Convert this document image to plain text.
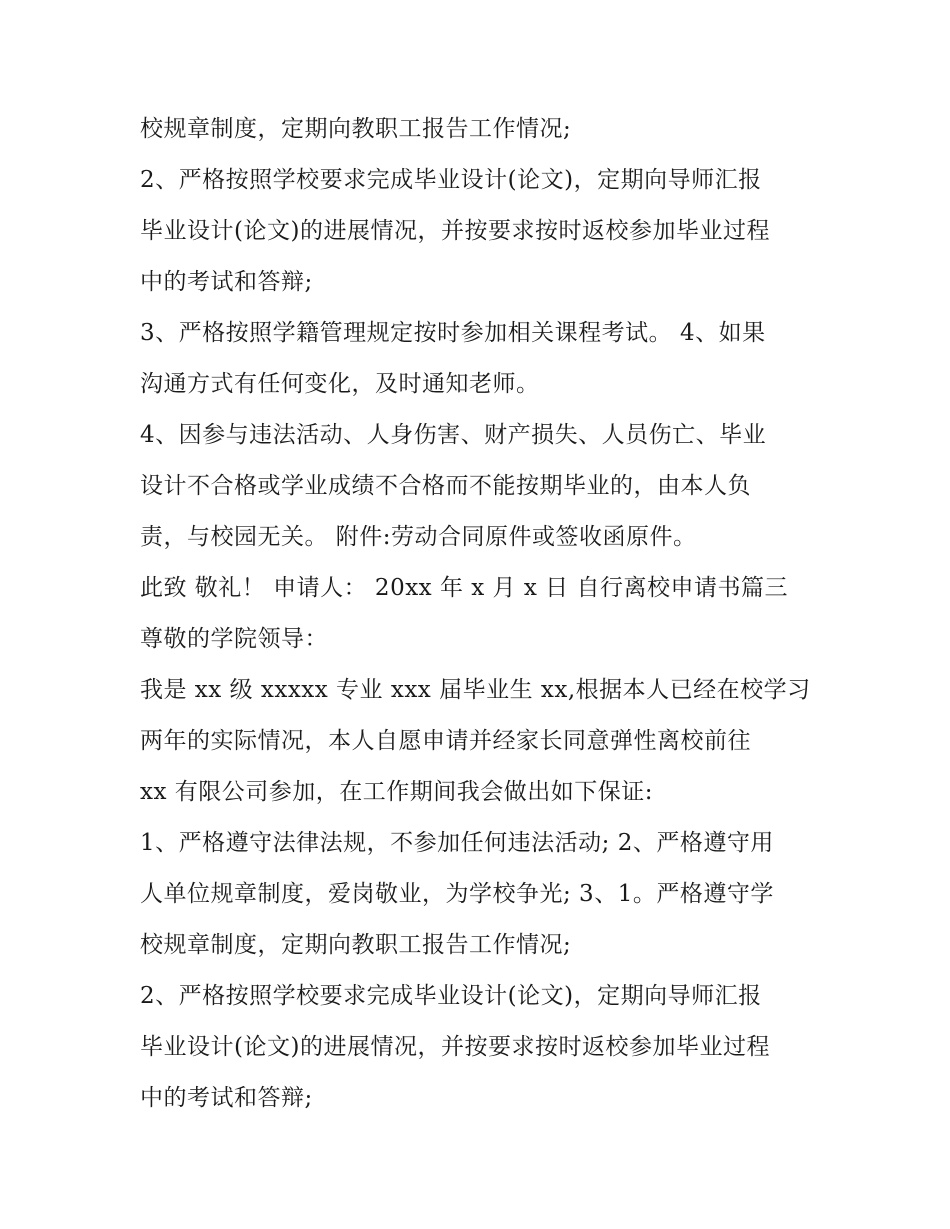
校规章制度，定期向教职工报告工作情况;
2、严格按照学校要求完成毕业设计(论文)，定期向导师汇报
毕业设计(论文)的进展情况，并按要求按时返校参加毕业过程
中的考试和答辩;
3、严格按照学籍管理规定按时参加相关课程考试。 4、如果
沟通方式有任何变化，及时通知老师。
4、因参与违法活动、人身伤害、财产损失、人员伤亡、毕业
设计不合格或学业成绩不合格而不能按期毕业的，由本人负
责，与校园无关。 附件:劳动合同原件或签收函原件。
此致 敬礼！ 申请人： 20xx 年 x 月 x 日 自行离校申请书篇三
尊敬的学院领导：
我是 xx 级 xxxxx 专业 xxx 届毕业生 xx,根据本人已经在校学习
两年的实际情况，本人自愿申请并经家长同意弹性离校前往
xx 有限公司参加，在工作期间我会做出如下保证:
1、严格遵守法律法规，不参加任何违法活动; 2、严格遵守用
人单位规章制度，爱岗敬业，为学校争光; 3、1。严格遵守学
校规章制度，定期向教职工报告工作情况;
2、严格按照学校要求完成毕业设计(论文)，定期向导师汇报
毕业设计(论文)的进展情况，并按要求按时返校参加毕业过程
中的考试和答辩;
